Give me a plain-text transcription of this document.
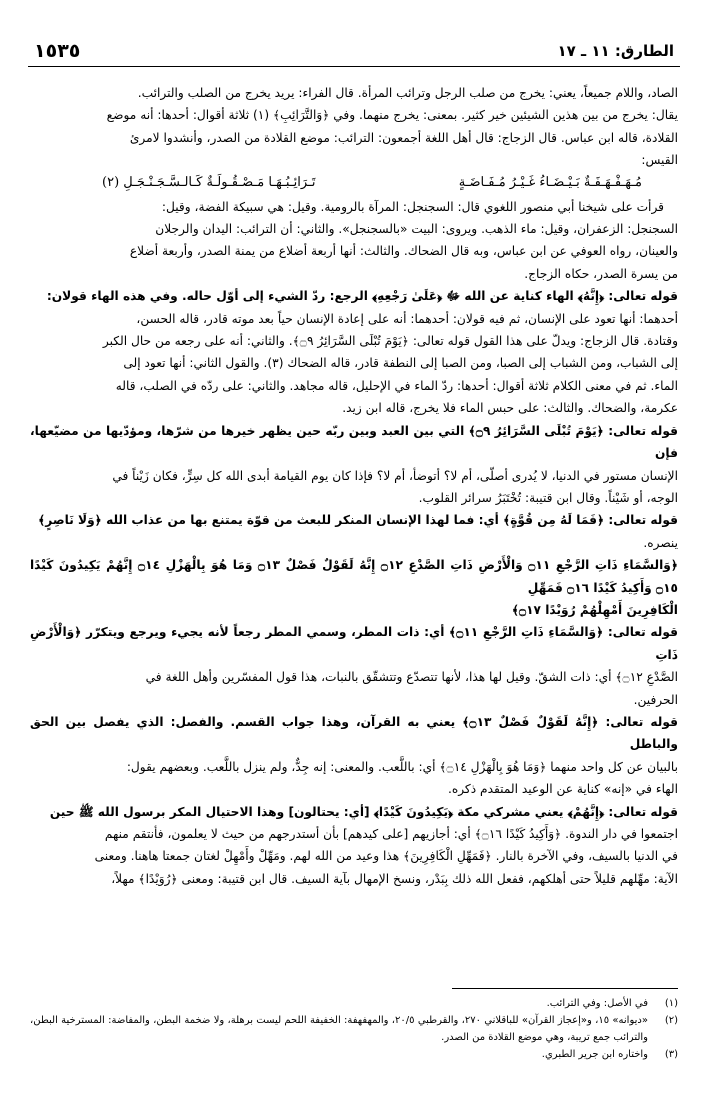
الطارق: ١١ ـ ١٧
١٥٣٥

الصاد، واللام جميعاً، يعني: يخرج من صلب الرجل وترائب المرأة. قال الفراء: يريد يخرج من الصلب والترائب.

يقال: يخرج من بين هذين الشيئين خير كثير. بمعنى: يخرج منهما. وفي ﴿وَالتَّرَائِبِ﴾ (١) ثلاثة أقوال: أحدها: أنه موضع

القلادة، قاله ابن عباس. قال الزجاج: قال أهل اللغة أجمعون: الترائب: موضع القلادة من الصدر، وأنشدوا لامرئ

القيس:

مُـهَـفْـهَـفَـةٌ بَـيْـضَـاءُ غَـيْـرُ مُـفَـاضَـةٍ
تَـرَائِـبُـهَـا مَـصْـقُـولَـةٌ كَـالـسَّـجَـنْـجَـلِ (٢)

قرأت على شيخنا أبي منصور اللغوي قال: السجنجل: المرآة بالرومية. وقيل: هي سبيكة الفضة، وقيل:

السجنجل: الزعفران، وقيل: ماء الذهب. ويروى: البيت «بالسجنجل». والثاني: أن الترائب: اليدان والرجلان

والعينان، رواه العوفي عن ابن عباس، وبه قال الضحاك. والثالث: أنها أربعة أضلاع من يمنة الصدر، وأربعة أضلاع

من يسرة الصدر، حكاه الزجاج.

قوله تعالى: ﴿إِنَّهُ﴾ الهاء كناية عن الله ﷻ ﴿عَلَىٰ رَجْعِهِ﴾ الرجع: ردّ الشيء إلى أوّل حاله. وفي هذه الهاء قولان:

أحدهما: أنها تعود على الإنسان، ثم فيه قولان: أحدهما: أنه على إعادة الإنسان حياً بعد موته قادر، قاله الحسن،

وقتادة. قال الزجاج: ويدلّ على هذا القول قوله تعالى: ﴿يَوْمَ تُبْلَى السَّرَائِرُ ۝٩﴾. والثاني: أنه على رجعه من حال الكبر

إلى الشباب، ومن الشباب إلى الصبا، ومن الصبا إلى النطفة قادر، قاله الضحاك (٣). والقول الثاني: أنها تعود إلى

الماء. ثم في معنى الكلام ثلاثة أقوال: أحدها: ردّ الماء في الإحليل، قاله مجاهد. والثاني: على ردّه في الصلب، قاله

عكرمة، والضحاك. والثالث: على حبس الماء فلا يخرج، قاله ابن زيد.

قوله تعالى: ﴿يَوْمَ تُبْلَى السَّرَائِرُ ۝٩﴾ التي بين العبد وبين ربّه حين يظهر خيرها من شرّها، ومؤدّيها من مضيّعها، فإن

الإنسان مستور في الدنيا، لا يُدرى أصلّى، أم لا؟ أتوضأ، أم لا؟ فإذا كان يوم القيامة أبدى الله كل سِرٍّ، فكان زَيْناً في

الوجه، أو شَيْناً. وقال ابن قتيبة: تُخْتَبَرُ سرائر القلوب.

قوله تعالى: ﴿فَمَا لَهُ مِن قُوَّةٍ﴾ أي: فما لهذا الإنسان المنكر للبعث من قوّة يمتنع بها من عذاب الله ﴿وَلَا نَاصِرٍ﴾

ينصره.

﴿وَالسَّمَاءِ ذَاتِ الرَّجْعِ ۝١١ وَالْأَرْضِ ذَاتِ الصَّدْعِ ۝١٢ إِنَّهُ لَقَوْلٌ فَصْلٌ ۝١٣ وَمَا هُوَ بِالْهَزْلِ ۝١٤ إِنَّهُمْ يَكِيدُونَ كَيْدًا ۝١٥ وَأَكِيدُ كَيْدًا ۝١٦ فَمَهِّلِ

الْكَافِرِينَ أَمْهِلْهُمْ رُوَيْدًا ۝١٧﴾

قوله تعالى: ﴿وَالسَّمَاءِ ذَاتِ الرَّجْعِ ۝١١﴾ أي: ذات المطر، وسمي المطر رجعاً لأنه يجيء ويرجع ويتكرّر ﴿وَالْأَرْضِ ذَاتِ

الصَّدْعِ ۝١٢﴾ أي: ذات الشقّ. وقيل لها هذا، لأنها تتصدّع وتتشقّق بالنبات، هذا قول المفسّرين وأهل اللغة في

الحرفين.

قوله تعالى: ﴿إِنَّهُ لَقَوْلٌ فَصْلٌ ۝١٣﴾ يعني به القرآن، وهذا جواب القسم. والفصل: الذي يفصل بين الحق والباطل

بالبيان عن كل واحد منهما ﴿وَمَا هُوَ بِالْهَزْلِ ۝١٤﴾ أي: باللَّعب. والمعنى: إنه جِدٌّ، ولم ينزل باللَّعب. وبعضهم يقول:

الهاء في «إنه» كناية عن الوعيد المتقدم ذكره.

قوله تعالى: ﴿إِنَّهُمْ﴾ يعني مشركي مكة ﴿يَكِيدُونَ كَيْدًا﴾ [أي: يحتالون] وهذا الاحتيال المكر برسول الله ﷺ حين

اجتمعوا في دار الندوة. ﴿وَأَكِيدُ كَيْدًا ۝١٦﴾ أي: أجازيهم [على كيدهم] بأن أستدرجهم من حيث لا يعلمون، فأنتقم منهم

في الدنيا بالسيف، وفي الآخرة بالنار. ﴿فَمَهِّلِ الْكَافِرِينَ﴾ هذا وعيد من الله لهم. ومَهِّلْ وأَمْهِلْ لغتان جمعتا هاهنا. ومعنى

الآية: مهِّلهم قليلاً حتى أهلكهم، ففعل الله ذلك بِبَدْر، ونسخ الإمهال بآية السيف. قال ابن قتيبة: ومعنى ﴿رُوَيْدًا﴾ مهلاً،

(١)
في الأصل: وفي الترائب.
(٢)
«ديوانه» ١٥، و«إعجاز القرآن» للباقلاني ٢٧٠، والقرطبي ٢٠/٥، والمهفهفة: الخفيفة اللحم ليست برهلة، ولا ضخمة البطن، والمفاضة: المسترخية البطن، والترائب جمع تريبة، وهي موضع القلادة من الصدر.
(٣)
واختاره ابن جرير الطبري.
